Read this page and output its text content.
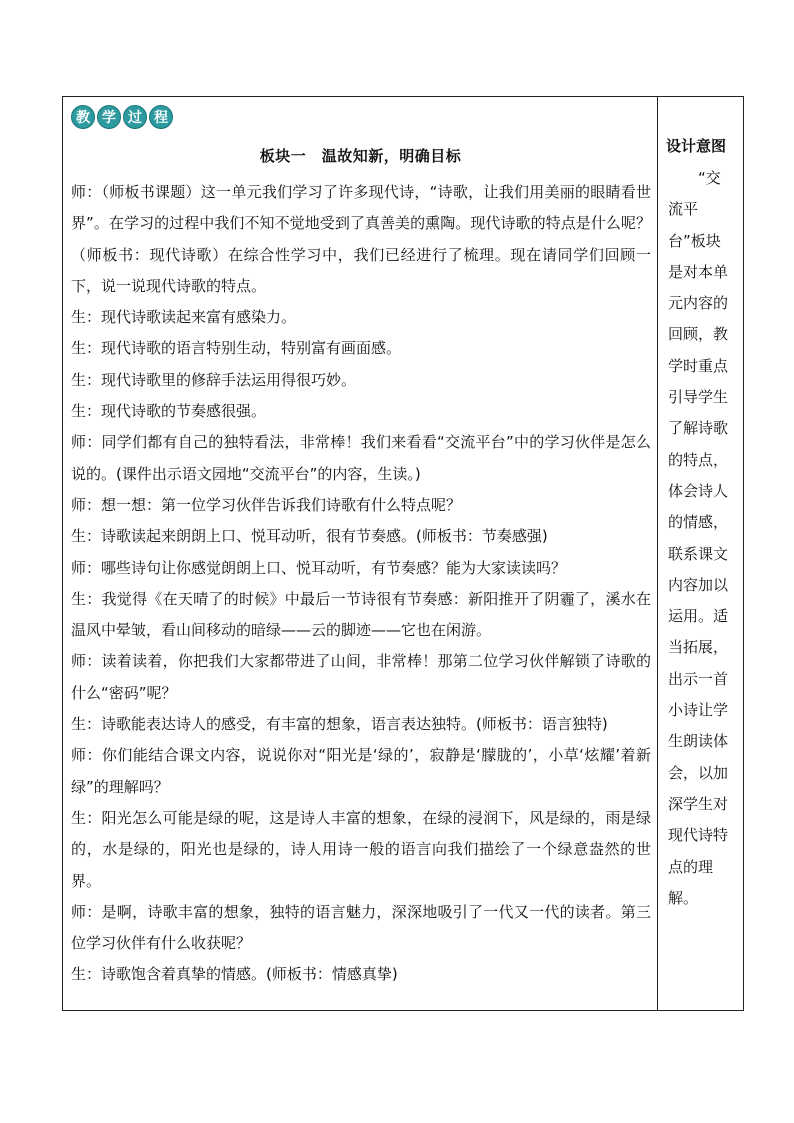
教 学 过 程
板块一　温故知新，明确目标

师：（师板书课题）这一单元我们学习了许多现代诗，“诗歌，让我们用美丽的眼睛看世界”。在学习的过程中我们不知不觉地受到了真善美的熏陶。现代诗歌的特点是什么呢？（师板书：现代诗歌）在综合性学习中，我们已经进行了梳理。现在请同学们回顾一下，说一说现代诗歌的特点。

生：现代诗歌读起来富有感染力。

生：现代诗歌的语言特别生动，特别富有画面感。

生：现代诗歌里的修辞手法运用得很巧妙。

生：现代诗歌的节奏感很强。

师：同学们都有自己的独特看法，非常棒！我们来看看“交流平台”中的学习伙伴是怎么说的。(课件出示语文园地“交流平台”的内容，生读。)

师：想一想：第一位学习伙伴告诉我们诗歌有什么特点呢？

生：诗歌读起来朗朗上口、悦耳动听，很有节奏感。(师板书：节奏感强)

师：哪些诗句让你感觉朗朗上口、悦耳动听，有节奏感？能为大家读读吗？

生：我觉得《在天晴了的时候》中最后一节诗很有节奏感：新阳推开了阴霾了，溪水在温风中晕皱，看山间移动的暗绿——云的脚迹——它也在闲游。

师：读着读着，你把我们大家都带进了山间，非常棒！那第二位学习伙伴解锁了诗歌的什么“密码”呢？

生：诗歌能表达诗人的感受，有丰富的想象，语言表达独特。(师板书：语言独特)

师：你们能结合课文内容，说说你对“阳光是‘绿的’，寂静是‘朦胧的’，小草‘炫耀’着新绿”的理解吗？

生：阳光怎么可能是绿的呢，这是诗人丰富的想象，在绿的浸润下，风是绿的，雨是绿的，水是绿的，阳光也是绿的，诗人用诗一般的语言向我们描绘了一个绿意盎然的世界。

师：是啊，诗歌丰富的想象，独特的语言魅力，深深地吸引了一代又一代的读者。第三位学习伙伴有什么收获呢？

生：诗歌饱含着真挚的情感。(师板书：情感真挚)

设计意图
“交流平台”板块是对本单元内容的回顾，教学时重点引导学生了解诗歌的特点，体会诗人的情感，联系课文内容加以运用。适当拓展，出示一首小诗让学生朗读体会，以加深学生对现代诗特点的理解。
